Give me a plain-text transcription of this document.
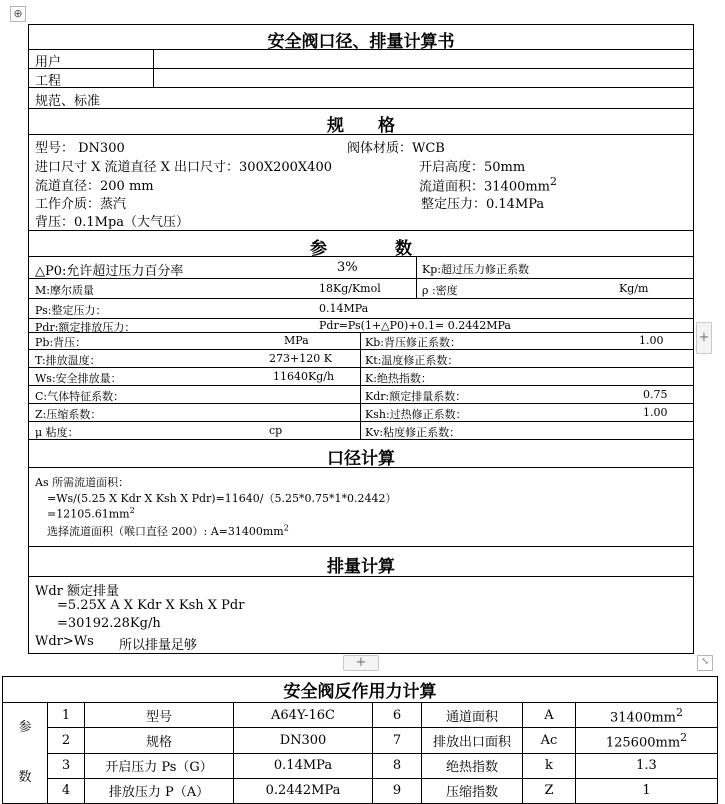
⊕
+
+	⤡
安全阀口径、排量计算书
用户
工程
规范、标准
规　　格
型号： DN300	阀体材质：WCB
进口尺寸 X 流道直径 X 出口尺寸：300X200X400	开启高度：50mm
流道直径：200 mm	流道面积：$31400mm^2$
工作介质：蒸汽	整定压力：0.14MPa
背压：0.1Mpa（大气压）
参　　　　数
△P0:允许超过压力百分率	3%	Kp:超过压力修正系数
M:摩尔质量	18Kg/Kmol	ρ :密度	Kg/m
Ps:整定压力：	0.14MPa
Pdr:额定排放压力：	Pdr=Ps(1+△P0)+0.1= 0.2442MPa
Pb:背压：	MPa	Kb:背压修正系数：	1.00
T:排放温度：	273+120 K	Kt:温度修正系数：
Ws:安全排放量：	11640Kg/h	K:绝热指数：
C:气体特征系数：	Kdr:额定排量系数：	0.75
Z:压缩系数：	Ksh:过热修正系数：	1.00
μ 粘度：	cp	Kv:粘度修正系数：
口径计算
As 所需流道面积：
=Ws/(5.25 X Kdr X Ksh X Pdr)=11640/（5.25*0.75*1*0.2442）
$=12105.61mm^2$
选择流道面积（喉口直径 200）: $A=31400mm^2$
排量计算
Wdr 额定排量
=5.25X A X Kdr X Ksh X Pdr
=30192.28Kg/h
Wdr>Ws 所以排量足够
安全阀反作用力计算							
参
数	1	型号	A64Y-16C	6	通道面积	A	$31400mm^2$
	2	规格	DN300	7	排放出口面积	Ac	$125600mm^2$
	3	开启压力 Ps（G）	0.14MPa	8	绝热指数	k	1.3
	4	排放压力 P（A）	0.2442MPa	9	压缩指数	Z	1
